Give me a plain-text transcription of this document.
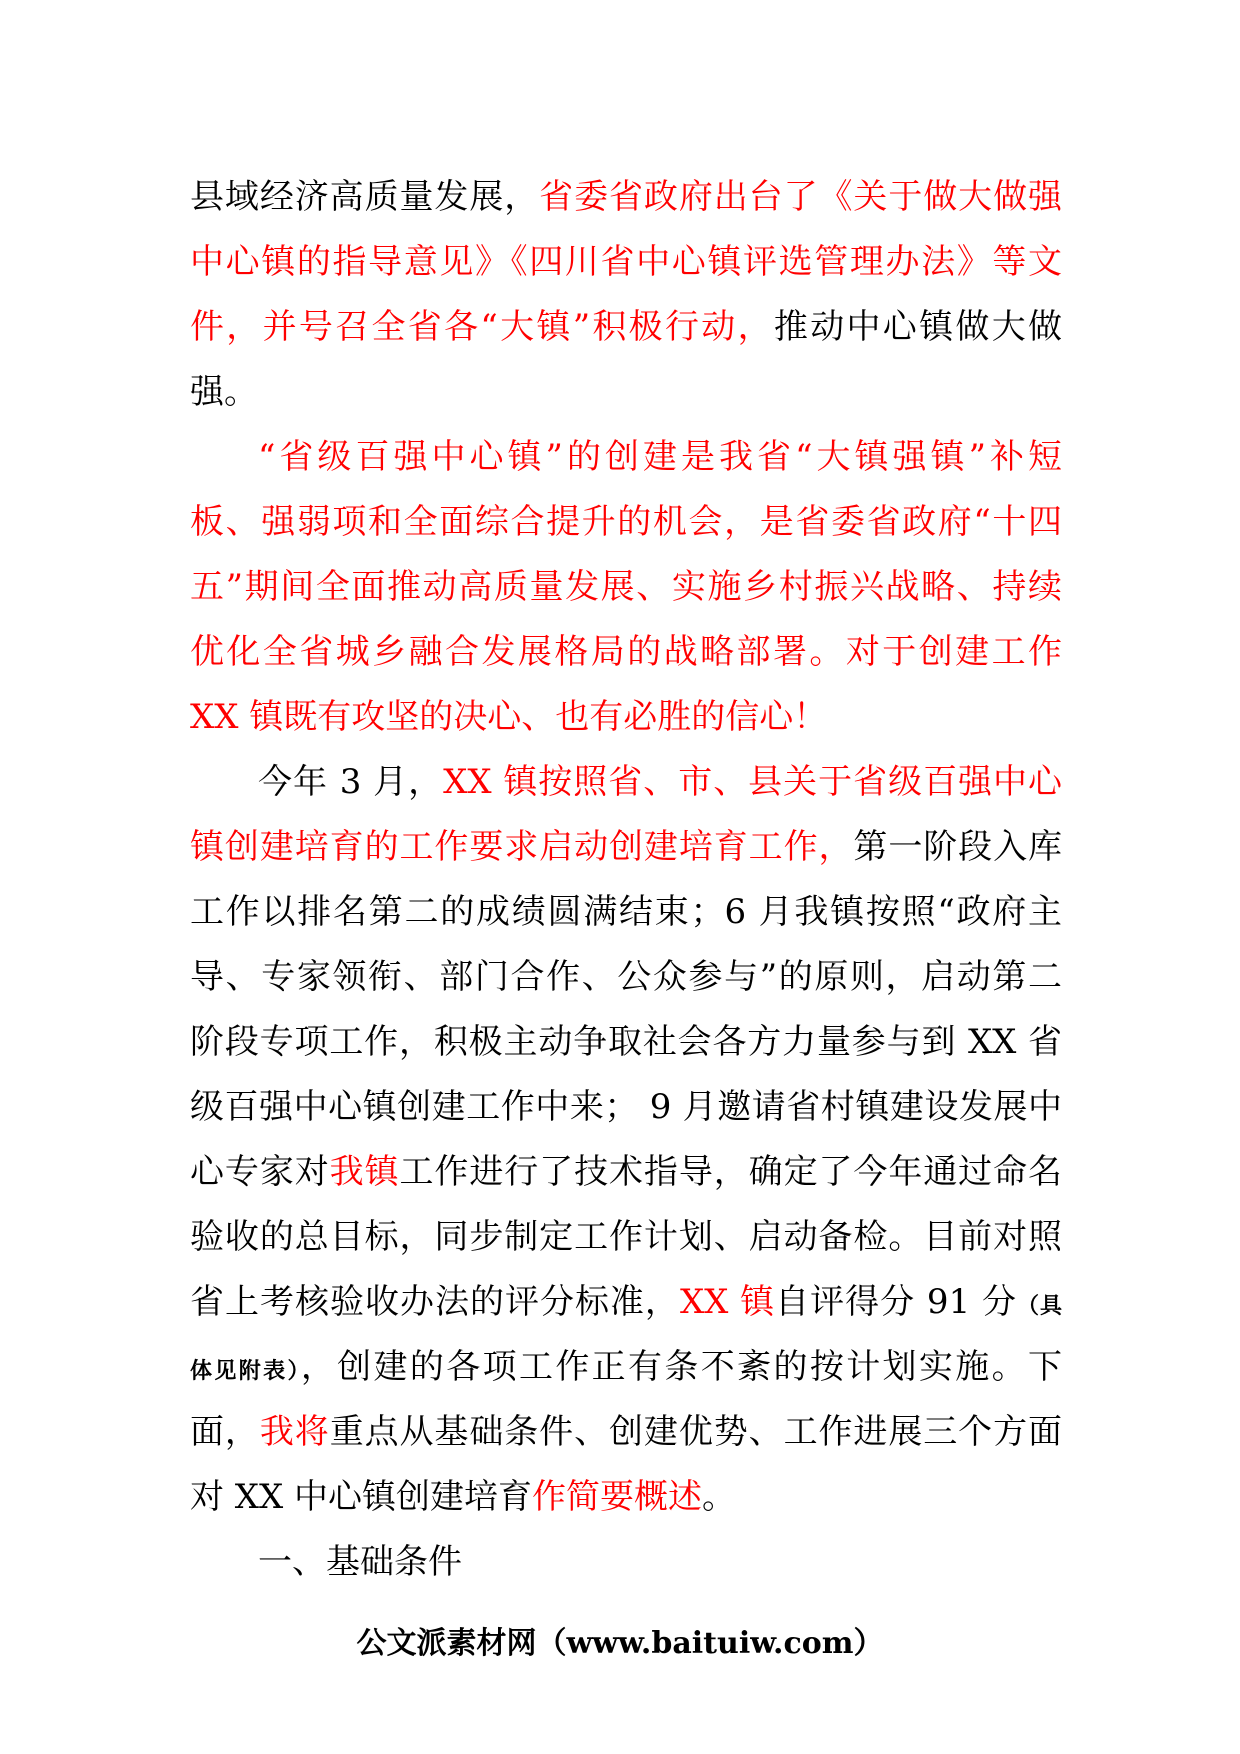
县域经济高质量发展，省委省政府出台了《关于做大做强
中心镇的指导意见》《四川省中心镇评选管理办法》等文
件，并号召全省各“大镇”积极行动，推动中心镇做大做
强。
“省级百强中心镇”的创建是我省“大镇强镇”补短
板、强弱项和全面综合提升的机会，是省委省政府“十四
五”期间全面推动高质量发展、实施乡村振兴战略、持续
优化全省城乡融合发展格局的战略部署。对于创建工作
XX 镇既有攻坚的决心、也有必胜的信心！
今年 3 月，XX 镇按照省、市、县关于省级百强中心
镇创建培育的工作要求启动创建培育工作，第一阶段入库
工作以排名第二的成绩圆满结束；6 月我镇按照“政府主
导、专家领衔、部门合作、公众参与”的原则，启动第二
阶段专项工作，积极主动争取社会各方力量参与到 XX 省
级百强中心镇创建工作中来； 9 月邀请省村镇建设发展中
心专家对我镇工作进行了技术指导，确定了今年通过命名
验收的总目标，同步制定工作计划、启动备检。目前对照
省上考核验收办法的评分标准，XX 镇自评得分 91 分（具
体见附表），创建的各项工作正有条不紊的按计划实施。下
面，我将重点从基础条件、创建优势、工作进展三个方面
对 XX 中心镇创建培育作简要概述。
一、基础条件
公文派素材网（www.baituiw.com）
